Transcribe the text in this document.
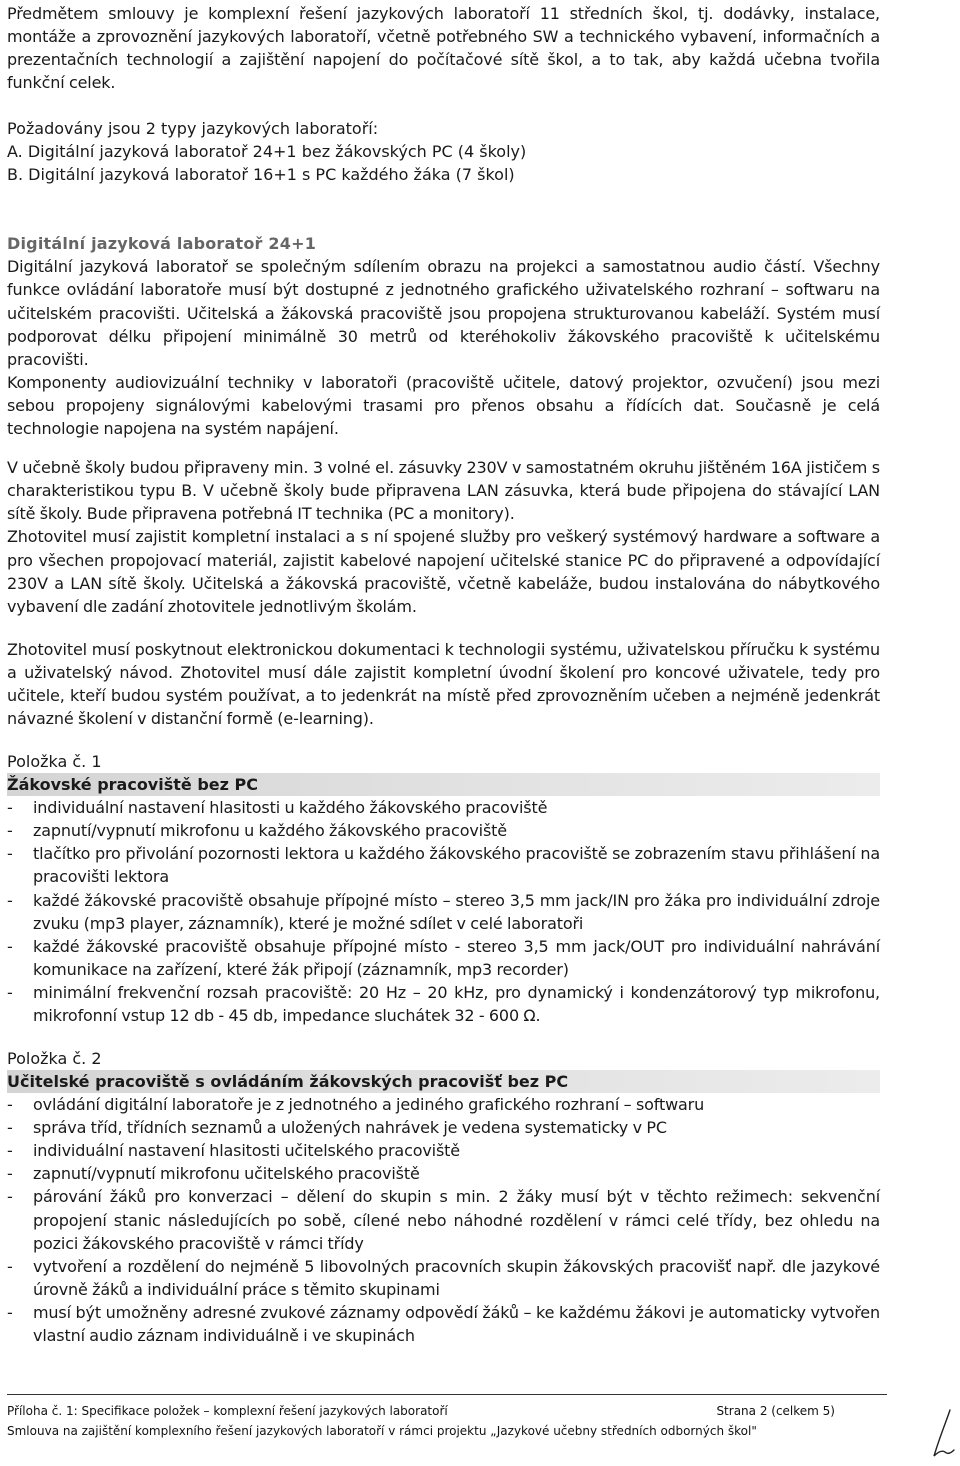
Předmětem smlouvy je komplexní řešení jazykových laboratoří 11 středních škol, tj. dodávky, instalace, montáže a zprovoznění jazykových laboratoří, včetně potřebného SW a technického vybavení, informačních a prezentačních technologií a zajištění napojení do počítačové sítě škol, a to tak, aby každá učebna tvořila funkční celek.

Požadovány jsou 2 typy jazykových laboratoří:
A. Digitální jazyková laboratoř 24+1 bez žákovských PC (4 školy)
B. Digitální jazyková laboratoř 16+1 s PC každého žáka (7 škol)

Digitální jazyková laboratoř 24+1

Digitální jazyková laboratoř se společným sdílením obrazu na projekci a samostatnou audio částí. Všechny funkce ovládání laboratoře musí být dostupné z jednotného grafického uživatelského rozhraní – softwaru na učitelském pracovišti. Učitelská a žákovská pracoviště jsou propojena strukturovanou kabeláží. Systém musí podporovat délku připojení minimálně 30 metrů od kteréhokoliv žákovského pracoviště k učitelskému pracovišti.

Komponenty audiovizuální techniky v laboratoři (pracoviště učitele, datový projektor, ozvučení) jsou mezi sebou propojeny signálovými kabelovými trasami pro přenos obsahu a řídících dat. Současně je celá technologie napojena na systém napájení.

V učebně školy budou připraveny min. 3 volné el. zásuvky 230V v samostatném okruhu jištěném 16A jističem s charakteristikou typu B. V učebně školy bude připravena LAN zásuvka, která bude připojena do stávající LAN sítě školy. Bude připravena potřebná IT technika (PC a monitory).

Zhotovitel musí zajistit kompletní instalaci a s ní spojené služby pro veškerý systémový hardware a software a pro všechen propojovací materiál, zajistit kabelové napojení učitelské stanice PC do připravené a odpovídající 230V a LAN sítě školy. Učitelská a žákovská pracoviště, včetně kabeláže, budou instalována do nábytkového vybavení dle zadání zhotovitele jednotlivým školám.

Zhotovitel musí poskytnout elektronickou dokumentaci k technologii systému, uživatelskou příručku k systému a uživatelský návod. Zhotovitel musí dále zajistit kompletní úvodní školení pro koncové uživatele, tedy pro učitele, kteří budou systém používat, a to jedenkrát na místě před zprovozněním učeben a nejméně jedenkrát návazné školení v distanční formě (e-learning).

Položka č. 1

Žákovské pracoviště bez PC

- individuální nastavení hlasitosti u každého žákovského pracoviště
- zapnutí/vypnutí mikrofonu u každého žákovského pracoviště
- tlačítko pro přivolání pozornosti lektora u každého žákovského pracoviště se zobrazením stavu přihlášení na pracovišti lektora
- každé žákovské pracoviště obsahuje přípojné místo – stereo 3,5 mm jack/IN pro žáka pro individuální zdroje zvuku (mp3 player, záznamník), které je možné sdílet v celé laboratoři
- každé žákovské pracoviště obsahuje přípojné místo - stereo 3,5 mm jack/OUT pro individuální nahrávání komunikace na zařízení, které žák připojí (záznamník, mp3 recorder)
- minimální frekvenční rozsah pracoviště: 20 Hz – 20 kHz, pro dynamický i kondenzátorový typ mikrofonu, mikrofonní vstup 12 db - 45 db, impedance sluchátek 32 - 600 Ω.

Položka č. 2

Učitelské pracoviště s ovládáním žákovských pracovišť bez PC

- ovládání digitální laboratoře je z jednotného a jediného grafického rozhraní – softwaru
- správa tříd, třídních seznamů a uložených nahrávek je vedena systematicky v PC
- individuální nastavení hlasitosti učitelského pracoviště
- zapnutí/vypnutí mikrofonu učitelského pracoviště
- párování žáků pro konverzaci – dělení do skupin s min. 2 žáky musí být v těchto režimech: sekvenční propojení stanic následujících po sobě, cílené nebo náhodné rozdělení v rámci celé třídy, bez ohledu na pozici žákovského pracoviště v rámci třídy
- vytvoření a rozdělení do nejméně 5 libovolných pracovních skupin žákovských pracovišť např. dle jazykové úrovně žáků a individuální práce s těmito skupinami
- musí být umožněny adresné zvukové záznamy odpovědí žáků – ke každému žákovi je automaticky vytvořen vlastní audio záznam individuálně i ve skupinách
Příloha č. 1: Specifikace položek – komplexní řešení jazykových laboratoří	Strana 2 (celkem 5)
Smlouva na zajištění komplexního řešení jazykových laboratoří v rámci projektu „Jazykové učebny středních odborných škol"
